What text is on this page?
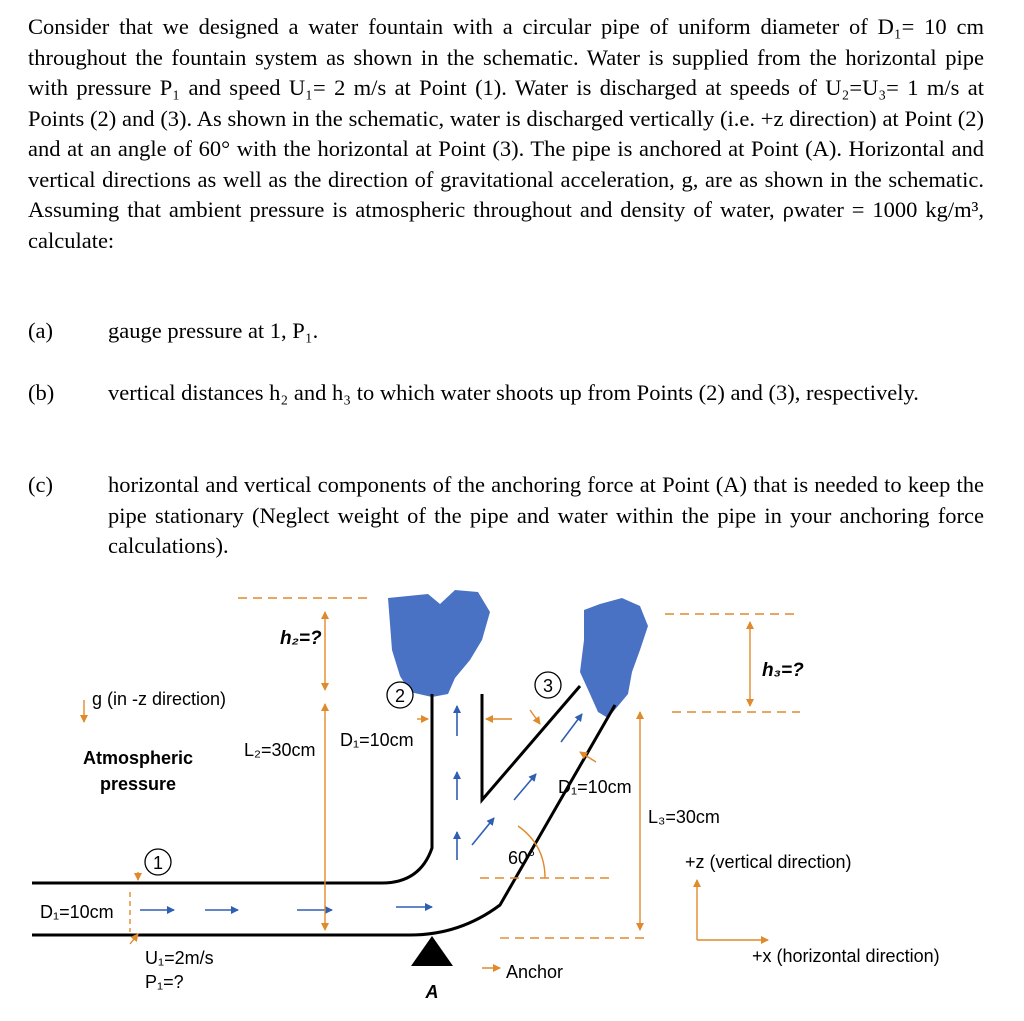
Consider that we designed a water fountain with a circular pipe of uniform diameter of D₁= 10 cm throughout the fountain system as shown in the schematic. Water is supplied from the horizontal pipe with pressure P₁ and speed U₁= 2 m/s at Point (1). Water is discharged at speeds of U₂=U₃= 1 m/s at Points (2) and (3). As shown in the schematic, water is discharged vertically (i.e. +z direction) at Point (2) and at an angle of 60° with the horizontal at Point (3). The pipe is anchored at Point (A). Horizontal and vertical directions as well as the direction of gravitational acceleration, g, are as shown in the schematic. Assuming that ambient pressure is atmospheric throughout and density of water, ρwater = 1000 kg/m³, calculate:
(a) gauge pressure at 1, P₁.
(b) vertical distances h₂ and h₃ to which water shoots up from Points (2) and (3), respectively.
(c) horizontal and vertical components of the anchoring force at Point (A) that is needed to keep the pipe stationary (Neglect weight of the pipe and water within the pipe in your anchoring force calculations).
1
2	3
h₂=?
h₃=?
g (in -z direction)
Atmospheric
pressure
L₂=30cm
L₃=30cm
D₁=10cm
D₁=10cm
D₁=10cm
60°
U₁=2m/s
P₁=?	Anchor
A
+z (vertical direction)
+x (horizontal direction)
